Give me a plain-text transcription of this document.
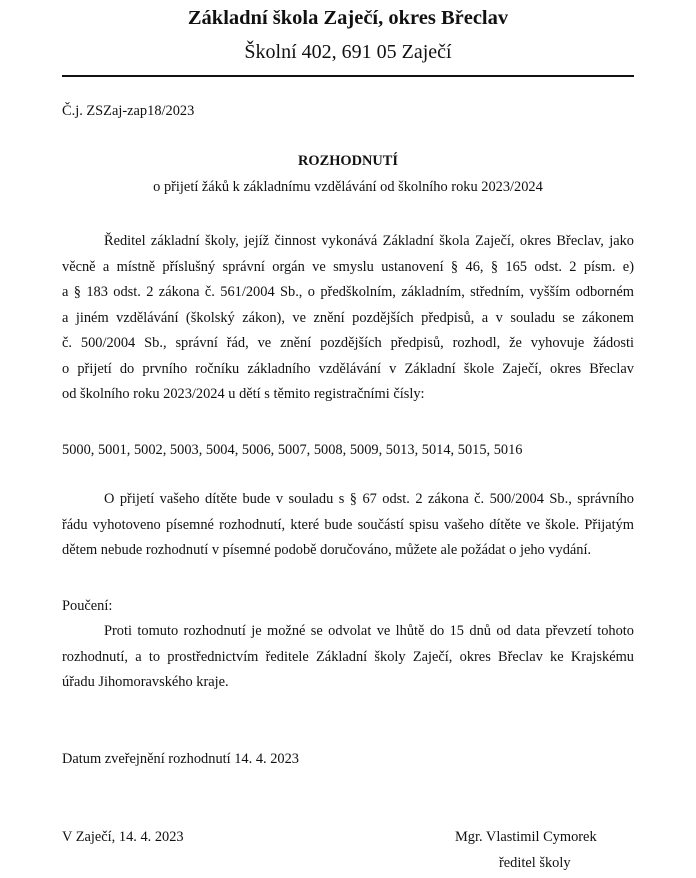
Základní škola Zaječí, okres Břeclav
Školní 402, 691 05 Zaječí
Č.j. ZSZaj-zap18/2023
ROZHODNUTÍ
o přijetí žáků k základnímu vzdělávání od školního roku 2023/2024
Ředitel základní školy, jejíž činnost vykonává Základní škola Zaječí, okres Břeclav, jako
věcně a místně příslušný správní orgán ve smyslu ustanovení § 46, § 165 odst. 2 písm. e)
a § 183 odst. 2 zákona č. 561/2004 Sb., o předškolním, základním, středním, vyšším odborném
a jiném vzdělávání (školský zákon), ve znění pozdějších předpisů, a v souladu se zákonem
č. 500/2004 Sb., správní řád, ve znění pozdějších předpisů, rozhodl, že vyhovuje žádosti
o přijetí do prvního ročníku základního vzdělávání v Základní škole Zaječí, okres Břeclav
od školního roku 2023/2024 u dětí s těmito registračními čísly:
5000, 5001, 5002, 5003, 5004, 5006, 5007, 5008, 5009, 5013, 5014, 5015, 5016
O přijetí vašeho dítěte bude v souladu s § 67 odst. 2 zákona č. 500/2004 Sb., správního
řádu vyhotoveno písemné rozhodnutí, které bude součástí spisu vašeho dítěte ve škole. Přijatým
dětem nebude rozhodnutí v písemné podobě doručováno, můžete ale požádat o jeho vydání.
Poučení:
Proti tomuto rozhodnutí je možné se odvolat ve lhůtě do 15 dnů od data převzetí tohoto
rozhodnutí, a to prostřednictvím ředitele Základní školy Zaječí, okres Břeclav ke Krajskému
úřadu Jihomoravského kraje.
Datum zveřejnění rozhodnutí 14. 4. 2023
V Zaječí, 14. 4. 2023	Mgr. Vlastimil Cymorek
ředitel školy
